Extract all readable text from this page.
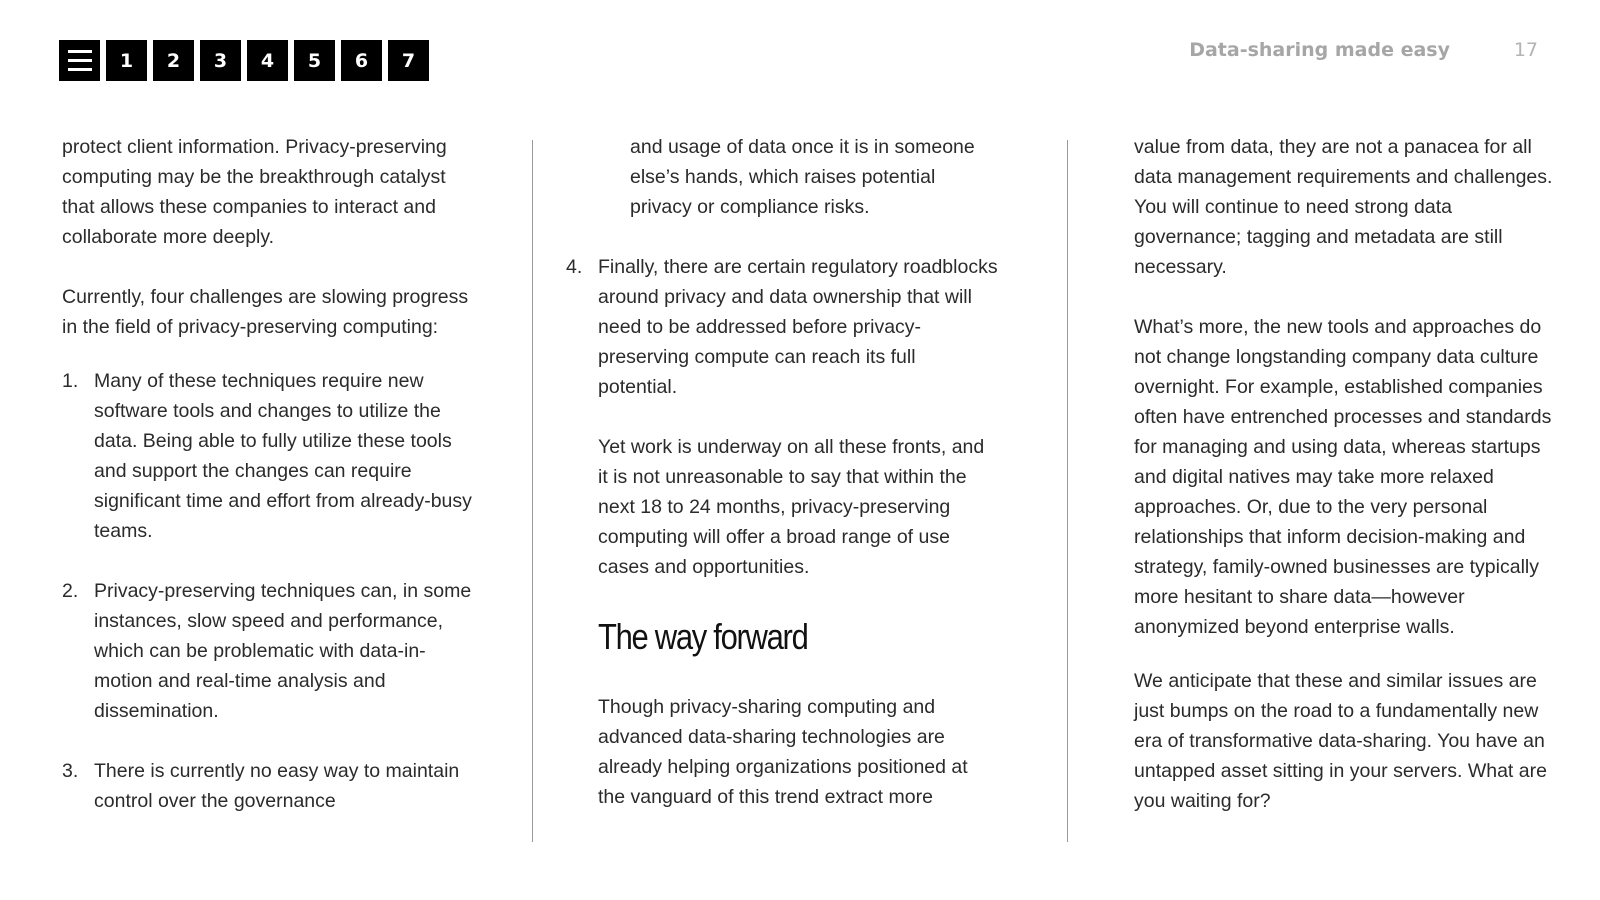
1	2	3	4	5	6	7	Data-sharing made easy	17

protect client information. Privacy-preserving computing may be the breakthrough catalyst that allows these companies to interact and collaborate more deeply.

Currently, four challenges are slowing progress in the field of privacy-preserving computing:

1. Many of these techniques require new software tools and changes to utilize the data. Being able to fully utilize these tools and support the changes can require significant time and effort from already-busy teams.
2. Privacy-preserving techniques can, in some instances, slow speed and performance, which can be problematic with data-in-motion and real-time analysis and dissemination.
3. There is currently no easy way to maintain control over the governance

and usage of data once it is in someone else’s hands, which raises potential privacy or compliance risks.

4. Finally, there are certain regulatory roadblocks around privacy and data ownership that will need to be addressed before privacy-preserving compute can reach its full potential.

Yet work is underway on all these fronts, and it is not unreasonable to say that within the next 18 to 24 months, privacy-preserving computing will offer a broad range of use cases and opportunities.

The way forward

Though privacy-sharing computing and advanced data-sharing technologies are already helping organizations positioned at the vanguard of this trend extract more

value from data, they are not a panacea for all data management requirements and challenges. You will continue to need strong data governance; tagging and metadata are still necessary.

What’s more, the new tools and approaches do not change longstanding company data culture overnight. For example, established companies often have entrenched processes and standards for managing and using data, whereas startups and digital natives may take more relaxed approaches. Or, due to the very personal relationships that inform decision-making and strategy, family-owned businesses are typically more hesitant to share data—however anonymized beyond enterprise walls.

We anticipate that these and similar issues are just bumps on the road to a fundamentally new era of transformative data-sharing. You have an untapped asset sitting in your servers. What are you waiting for?
